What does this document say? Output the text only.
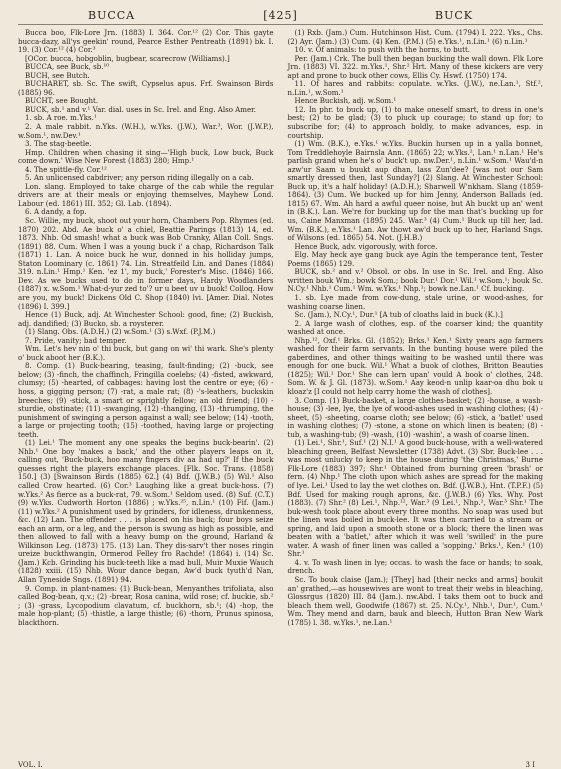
BUCCA	[425]	BUCK

Bucca boo, Flk-Lore Jrn. (1883) I. 364. Cor.¹² (2) Cor. This gayte bucca-dazy, all'ys geekin' round, Pearce Esther Pentreath (1891) bk. I. 19. (3) Cor.¹² (4) Cor.³

[OCor. bucca, hobgoblin, bugbear, scarecrow (Williams).]

BUCCA, see Buck, sb.¹⁰

BUCH, see Butch.

BUCHARET, sb. Sc. The swift, Cypselus apus. Frf. Swainson Birds (1885) 96.

BUCHT, see Bought.

BUCK, sb.¹ and v.¹ Var. dial. uses in Sc. Irel. and Eng. Also Amer.

1. sb. A roe. m.Yks.¹

2. A male rabbit. n.Yks. (W.H.), w.Yks. (J.W.), War.³, Wor. (J.W.P.), w.Som.¹, nw.Dev.¹

3. The stag-beetle.

Hmp. Children when chasing it sing—'High buck, Low buck, Buck come down.' Wise New Forest (1883) 280; Hmp.¹

4. The spittle-fly. Cor.¹²

5. An unlicensed cabdriver; any person riding illegally on a cab.

Lon. slang. Employed to take charge of the cab while the regular drivers are at their meals or enjoying themselves, Mayhew Lond. Labour (ed. 1861) III. 352; Gl. Lab. (1894).

6. A dandy, a fop.

Sc. Willie, my buck, shoot out your horn, Chambers Pop. Rhymes (ed. 1870) 202. Abd. Ae buck o' a chiel, Beattie Parings (1813) 14, ed. 1873. Nhb. Od smash! what a buck was Bob Cranky, Allan Coll. Sngs. (1891) 88. Cum. When I was a young buck i' a chap, Richardson Talk (1871) 1. Lan. A noice buck he wur, donned in his holliday jumps, Staton Loominary (c. 1861) 74. Lin. Streatfeild Lin. and Danes (1884) 319. n.Lin.¹ Hmp.¹ Ken. 'ez 1', my buck,' Forester's Misc. (1846) 166. Dev. As we bucks used to do in former days, Hardy Woodlanders (1887) x. w.Som.¹ What-d-yur zed to'? ur u beet uv u buok! Colloq. How are you, my buck! Dickens Old C. Shop (1840) lvi. [Amer. Dial. Notes (1896) I. 399.]

Hence (1) Buck, adj. At Winchester School: good, fine; (2) Buckish, adj. dandified; (3) Bucko, sb. a roysterer.

(1) Slang. Obs. (A.D.H.) (2) w.Som.¹ (3) s.Wxf. (P.J.M.)

7. Pride, vanity; bad temper.

Wm. Let's hev nin o' thi buck, but gang on wi' thi wark. She's plenty o' buck aboot her (B.K.).

8. Comp. (1) Buck-bearing, teasing, fault-finding; (2) -buck, see below; (3) -finch, the chaffinch, Fringilla coelebs; (4) -fisted, awkward, clumsy; (5) -hearted, of cabbages: having lost the centre or eye; (6) -hoss, a gigging person; (7) -rat, a male rat; (8) -'s-leathers, buckskin breeches; (9) -stick, a smart or sprightly fellow; an old friend; (10) -sturdie, obstinate; (11) -swanging, (12) -thanging, (13) -thrumping, the punishment of swinging a person against a wall; see below; (14) -tooth, a large or projecting tooth; (15) -toothed, having large or projecting teeth.

(1) Lei.¹ The moment any one speaks the begins buck-bearin'. (2) Nhb.¹ One boy 'makes a back,' and the other players leaps on it, calling out, 'Buck-buck, hoo many fingers div aa had up?' If the buck guesses right the players exchange places. [Flk. Soc. Trans. (1858) 150.] (3) [Swainson Birds (1885) 62.] (4) Bdf. (J.W.B.) (5) Wil.¹ Also called Crow hearted. (6) Cor.³ Laughing like a great buck-hoss. (7) w.Yks.² As fierce as a buck-rat, 79. w.Som.¹ Seldom used. (8) Suf. (C.T.) (9) w.Yks. Cudworth Horton (1886) ; w.Yks.²⁵, n.Lin.¹ (10) Fif. (Jam.) (11) w.Yks.² A punishment used by grinders, for idleness, drunkenness, &c. (12) Lan. The offender . . . is placed on his back; four boys seize each an arm, or a leg, and the person is swung as high as possible, and then allowed to fall with a heavy bump on the ground, Harland & Wilkinson Leg. (1873) 175. (13) Lan. They dis-sarv't ther noses ringin ureize buckthwangin, Ormerod Felley fro Rachde! (1864) i. (14) Sc. (Jam.) Kcb. Grinding his buck-teeth like a mad bull, Muir Muxie Wauch (1828) xxiii. (15) Nhb. Wour dance began, Aw'd buck tyuth'd Nan, Allan Tyneside Sngs. (1891) 94.

9. Comp. in plant-names: (1) Buck-bean, Menyanthes trifoliata, also called Bog-bean, q.v.; (2) -brear, Rosa canina, wild rose; cf. buckie, sb.² ; (3) -grass, Lycopodium clavatum, cf. buckhorn, sb.¹; (4) -hop, the male hop-plant; (5) -thistle, a large thistle; (6) -thorn, Prunus spinosa, blackthorn.

(1) Rxb. (Jam.) Cum. Hutchinson Hist. Cum. (1794) I. 222. Yks., Chs. (2) Ayr. (Jam.) (3) Cum. (4) Ken. (P.M.) (5) e.Yks.¹, n.Lin.¹ (6) n.Lin.¹

10. v. Of animals: to push with the horns, to butt.

Per. (Jam.) Crk. The bull then began bucking the wall down. Flk Lore Jrn. (1883) VI. 322. m.Yks.¹, Shr.² Hrt. Many of these kickers are very apt and prone to buck other cows, Ellis Cy. Hswf. (1750) 174.

11. Of hares and rabbits: copulate. w.Yks. (J.W.), ne.Lan.¹, Stf.², n.Lin.¹, w.Som.¹

Hence Buckish, adj. w.Som.¹

12. In phr. to buck up, (1) to make oneself smart, to dress in one's best; (2) to be glad; (3) to pluck up courage; to stand up for; to subscribe for; (4) to approach boldly, to make advances, esp. in courtship.

(1) Wm. (B.K.), e.Yks.¹ w.Yks. Buckin hursen up in a yalla bonnet, Tom Treddlehoyle Bairnsla Ann. (1865) 22; w.Yks.², Lan.¹ n.Lan.¹ He's parlish grand when he's o' buck't up. nw.Der.¹, n.Lin.¹ w.Som.¹ Wau'd-n azw'ur Saam u buukt aup dhan, lass Zun'dee? [was not our Sam smartly dressed then, last Sunday?] (2) Slang. At Winchester School: Buck up, it's a half holiday! (A.D.H.); Sharwell W'nkham. Slang (1859-1864). (3) Cum. We bucked up for him Jenny, Anderson Ballads (ed. 1815) 67. Wm. Ah hard a awful queer noise, but Ah buckt up an' went in (B.K.). Lan. We're for bucking up for the man that's bucking up for us, Caine Manxman (1895) 245. War.³ (4) Cum.¹ Buck up till her, lad. Wm. (B.K.), e.Yks.¹ Lan. Aw thowt aw'd buck up to her, Harland Sngs. of Wilsons (ed. 1865) 54. Not. (J.H.B.)

Hence Buck, adv. vigorously, with force.

Elg. May heck aye gang buck aye Agin the temperance tent, Tester Poems (1865) 129.

BUCK, sb.² and v.² Obsol. or obs. In use in Sc. Irel. and Eng. Also written bouk Wm.; bowk Som.; book Dur.¹ Dor.¹ Wil.¹ w.Som.¹; bouk Sc. N.Cy.¹ Nhb.¹ Cum.¹ Wm. w.Yks.¹ Nhp.¹; bowk ne.Lan.¹ Cf. bucking.

1. sb. Lye made from cow-dung, stale urine, or wood-ashes, for washing coarse linen.

Sc. (Jam.), N.Cy.¹, Dur.¹ [A tub of cloaths laid in buck (K.).]

2. A large wash of clothes, esp. of the coarser kind; the quantity washed at once.

Nhp.¹², Oxf.¹ Brks. Gl. (1852); Brks.¹ Ken.¹ Sixty years ago farmers washed for their farm servants. In the bunting house were piled the gaberdines, and other things waiting to be washed until there was enough for one buck. Wil.¹ What a buok of clothes, Britton Beauties (1825); Wil.¹ Dor.¹ She can lern upan' vould A book o' clothes, 248. Som. W. & J. Gl. (1873). w.Som.¹ Aay keod-n unlip kaar-oa dhu bok u kloaz'z [I could not help carry home the wash of clothes].

3. Comp. (1) Buck-basket, a large clothes-basket; (2) -house, a wash-house; (3) -lee, lye, the lye of wood-ashes used in washing clothes; (4) -sheet, (5) -sheeting, coarse cloth; see below; (6) -stick, a 'batlet' used in washing clothes; (7) -stone, a stone on which linen is beaten; (8) -tub, a washing-tub; (9) -wash, (10) -washin', a wash of coarse linen.

(1) Lei.¹, Shr.¹, Suf.¹ (2) N.I.¹ A good buck-house, with a well-watered bleaching green, Belfast Newsletter (1738) Advt. (3) Sbr. Buck-lee . . . was most unlucky to keep in the house during 'the Christmas,' Burne Flk-Lore (1883) 397; Shr.¹ Obtained from burning green 'brash' or fern. (4) Nhp.¹ The cloth upon which ashes are spread for the making of lye. Lei.¹ Used to lay the wet clothes on. Bdf. (J.W.B.), Hnt. (T.P.F.) (5) Bdf. Used for making rough aprons, &c. (J.W.B.) (6) Yks. Why. Post (1883). (7) Shr.² (8) Lei.¹, Nhp.¹², War.³ (9 Lei.¹, Nhp.², War.³ Shr.¹ The buk-wesh took place about every three months. No soap was used but the linen was boiled in buck-lee. It was then carried to a stream or spring, and laid upon a smooth stone or a block; there the linen was beaten with a 'batlet,' after which it was well 'swilled' in the pure water. A wash of finer linen was called a 'sopping.' Brks.¹, Ken.¹ (10) Shr.¹

4. v. To wash linen in lye; occas. to wash the face or hands; to soak, drench.

Sc. To bouk claise (Jam.); [They] had [their necks and arms] boukit an' grathed,—as housewives are wont to treat their webs in bleaching, Glossrgus (1820) III. 84 (Jam.). nw.Abd. I taks them oot to buck and bleach them well, Goodwife (1867) st. 25. N.Cy.¹, Nhb.¹, Dur.¹, Cum.¹ Wm. They mend and darn, bauk and bleech, Hutton Bran New Wark (1785) l. 38. w.Yks.¹, ne.Lan.¹

VOL. I.	3 I
